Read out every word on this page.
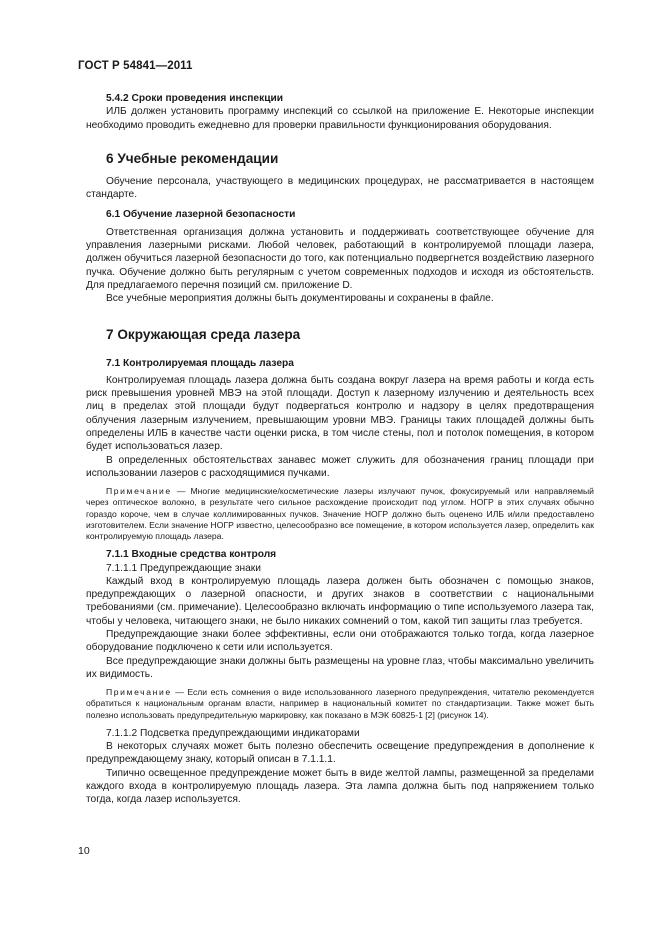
ГОСТ Р 54841—2011
5.4.2 Сроки проведения инспекции

ИЛБ должен установить программу инспекций со ссылкой на приложение E. Некоторые инспекции необходимо проводить ежедневно для проверки правильности функционирования оборудования.

6 Учебные рекомендации

Обучение персонала, участвующего в медицинских процедурах, не рассматривается в настоящем стандарте.

6.1 Обучение лазерной безопасности

Ответственная организация должна установить и поддерживать соответствующее обучение для управления лазерными рисками. Любой человек, работающий в контролируемой площади лазера, должен обучиться лазерной безопасности до того, как потенциально подвергнется воздействию лазерного пучка. Обучение должно быть регулярным с учетом современных подходов и исходя из обстоятельств. Для предлагаемого перечня позиций см. приложение D.

Все учебные мероприятия должны быть документированы и сохранены в файле.

7 Окружающая среда лазера
7.1 Контролируемая площадь лазера

Контролируемая площадь лазера должна быть создана вокруг лазера на время работы и когда есть риск превышения уровней МВЭ на этой площади. Доступ к лазерному излучению и деятельность всех лиц в пределах этой площади будут подвергаться контролю и надзору в целях предотвращения облучения лазерным излучением, превышающим уровни МВЭ. Границы таких площадей должны быть определены ИЛБ в качестве части оценки риска, в том числе стены, пол и потолок помещения, в котором будет использоваться лазер.

В определенных обстоятельствах занавес может служить для обозначения границ площади при использовании лазеров с расходящимися пучками.

Примечание — Многие медицинские/косметические лазеры излучают пучок, фокусируемый или направляемый через оптическое волокно, в результате чего сильное расхождение происходит под углом. НОГР в этих случаях обычно гораздо короче, чем в случае коллимированных пучков. Значение НОГР должно быть оценено ИЛБ и/или предоставлено изготовителем. Если значение НОГР известно, целесообразно все помещение, в котором используется лазер, определить как контролируемую площадь лазера.
7.1.1 Входные средства контроля
7.1.1.1 Предупреждающие знаки

Каждый вход в контролируемую площадь лазера должен быть обозначен с помощью знаков, предупреждающих о лазерной опасности, и других знаков в соответствии с национальными требованиями (см. примечание). Целесообразно включать информацию о типе используемого лазера так, чтобы у человека, читающего знаки, не было никаких сомнений о том, какой тип защиты глаз требуется.

Предупреждающие знаки более эффективны, если они отображаются только тогда, когда лазерное оборудование подключено к сети или используется.

Все предупреждающие знаки должны быть размещены на уровне глаз, чтобы максимально увеличить их видимость.

Примечание — Если есть сомнения о виде использованного лазерного предупреждения, читателю рекомендуется обратиться к национальным органам власти, например в национальный комитет по стандартизации. Также может быть полезно использовать предупредительную маркировку, как показано в МЭК 60825-1 [2] (рисунок 14).
7.1.1.2 Подсветка предупреждающими индикаторами

В некоторых случаях может быть полезно обеспечить освещение предупреждения в дополнение к предупреждающему знаку, который описан в 7.1.1.1.

Типично освещенное предупреждение может быть в виде желтой лампы, размещенной за пределами каждого входа в контролируемую площадь лазера. Эта лампа должна быть под напряжением только тогда, когда лазер используется.

10
